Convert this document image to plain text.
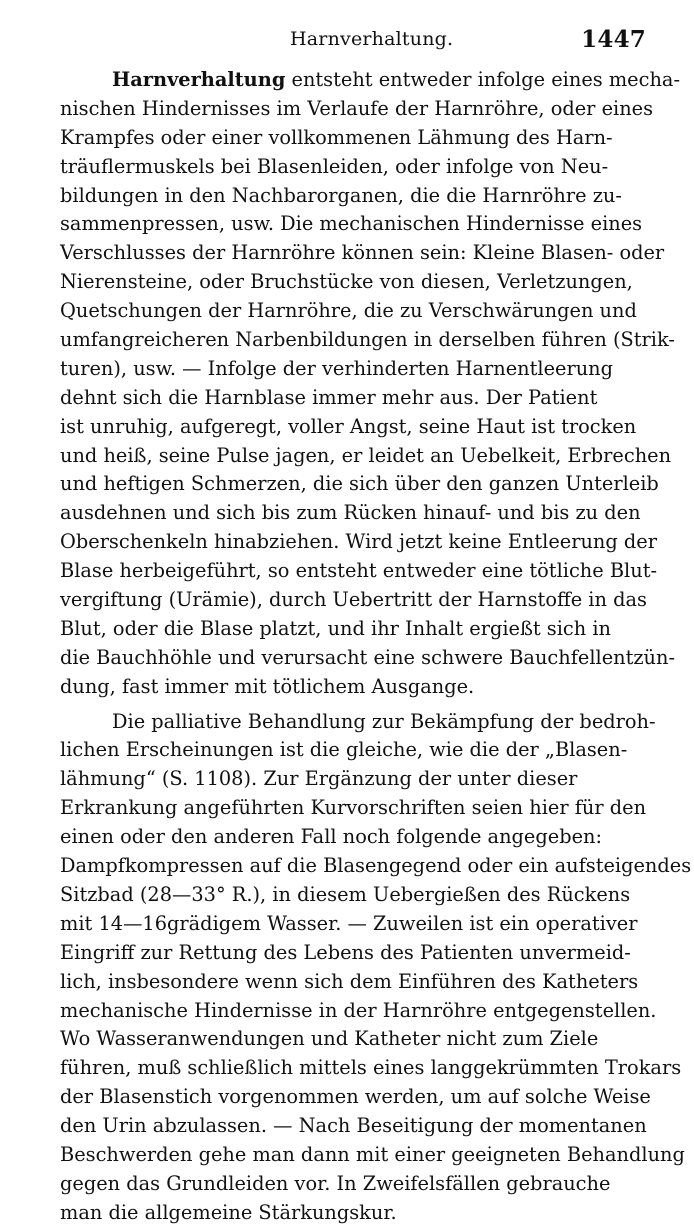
Harnverhaltung.	1447

Harnverhaltung entsteht entweder infolge eines mecha-
nischen Hindernisses im Verlaufe der Harnröhre, oder eines
Krampfes oder einer vollkommenen Lähmung des Harn-
träuflermuskels bei Blasenleiden, oder infolge von Neu-
bildungen in den Nachbarorganen, die die Harnröhre zu-
sammenpressen, usw. Die mechanischen Hindernisse eines
Verschlusses der Harnröhre können sein: Kleine Blasen- oder
Nierensteine, oder Bruchstücke von diesen, Verletzungen,
Quetschungen der Harnröhre, die zu Verschwärungen und
umfangreicheren Narbenbildungen in derselben führen (Strik-
turen), usw. — Infolge der verhinderten Harnentleerung
dehnt sich die Harnblase immer mehr aus. Der Patient
ist unruhig, aufgeregt, voller Angst, seine Haut ist trocken
und heiß, seine Pulse jagen, er leidet an Uebelkeit, Erbrechen
und heftigen Schmerzen, die sich über den ganzen Unterleib
ausdehnen und sich bis zum Rücken hinauf- und bis zu den
Oberschenkeln hinabziehen. Wird jetzt keine Entleerung der
Blase herbeigeführt, so entsteht entweder eine tötliche Blut-
vergiftung (Urämie), durch Uebertritt der Harnstoffe in das
Blut, oder die Blase platzt, und ihr Inhalt ergießt sich in
die Bauchhöhle und verursacht eine schwere Bauchfellentzün-
dung, fast immer mit tötlichem Ausgange.

Die palliative Behandlung zur Bekämpfung der bedroh-
lichen Erscheinungen ist die gleiche, wie die der „Blasen-
lähmung“ (S. 1108). Zur Ergänzung der unter dieser
Erkrankung angeführten Kurvorschriften seien hier für den
einen oder den anderen Fall noch folgende angegeben:
Dampfkompressen auf die Blasengegend oder ein aufsteigendes
Sitzbad (28—33° R.), in diesem Uebergießen des Rückens
mit 14—16grädigem Wasser. — Zuweilen ist ein operativer
Eingriff zur Rettung des Lebens des Patienten unvermeid-
lich, insbesondere wenn sich dem Einführen des Katheters
mechanische Hindernisse in der Harnröhre entgegenstellen.
Wo Wasseranwendungen und Katheter nicht zum Ziele
führen, muß schließlich mittels eines langgekrümmten Trokars
der Blasenstich vorgenommen werden, um auf solche Weise
den Urin abzulassen. — Nach Beseitigung der momentanen
Beschwerden gehe man dann mit einer geeigneten Behandlung
gegen das Grundleiden vor. In Zweifelsfällen gebrauche
man die allgemeine Stärkungskur.
